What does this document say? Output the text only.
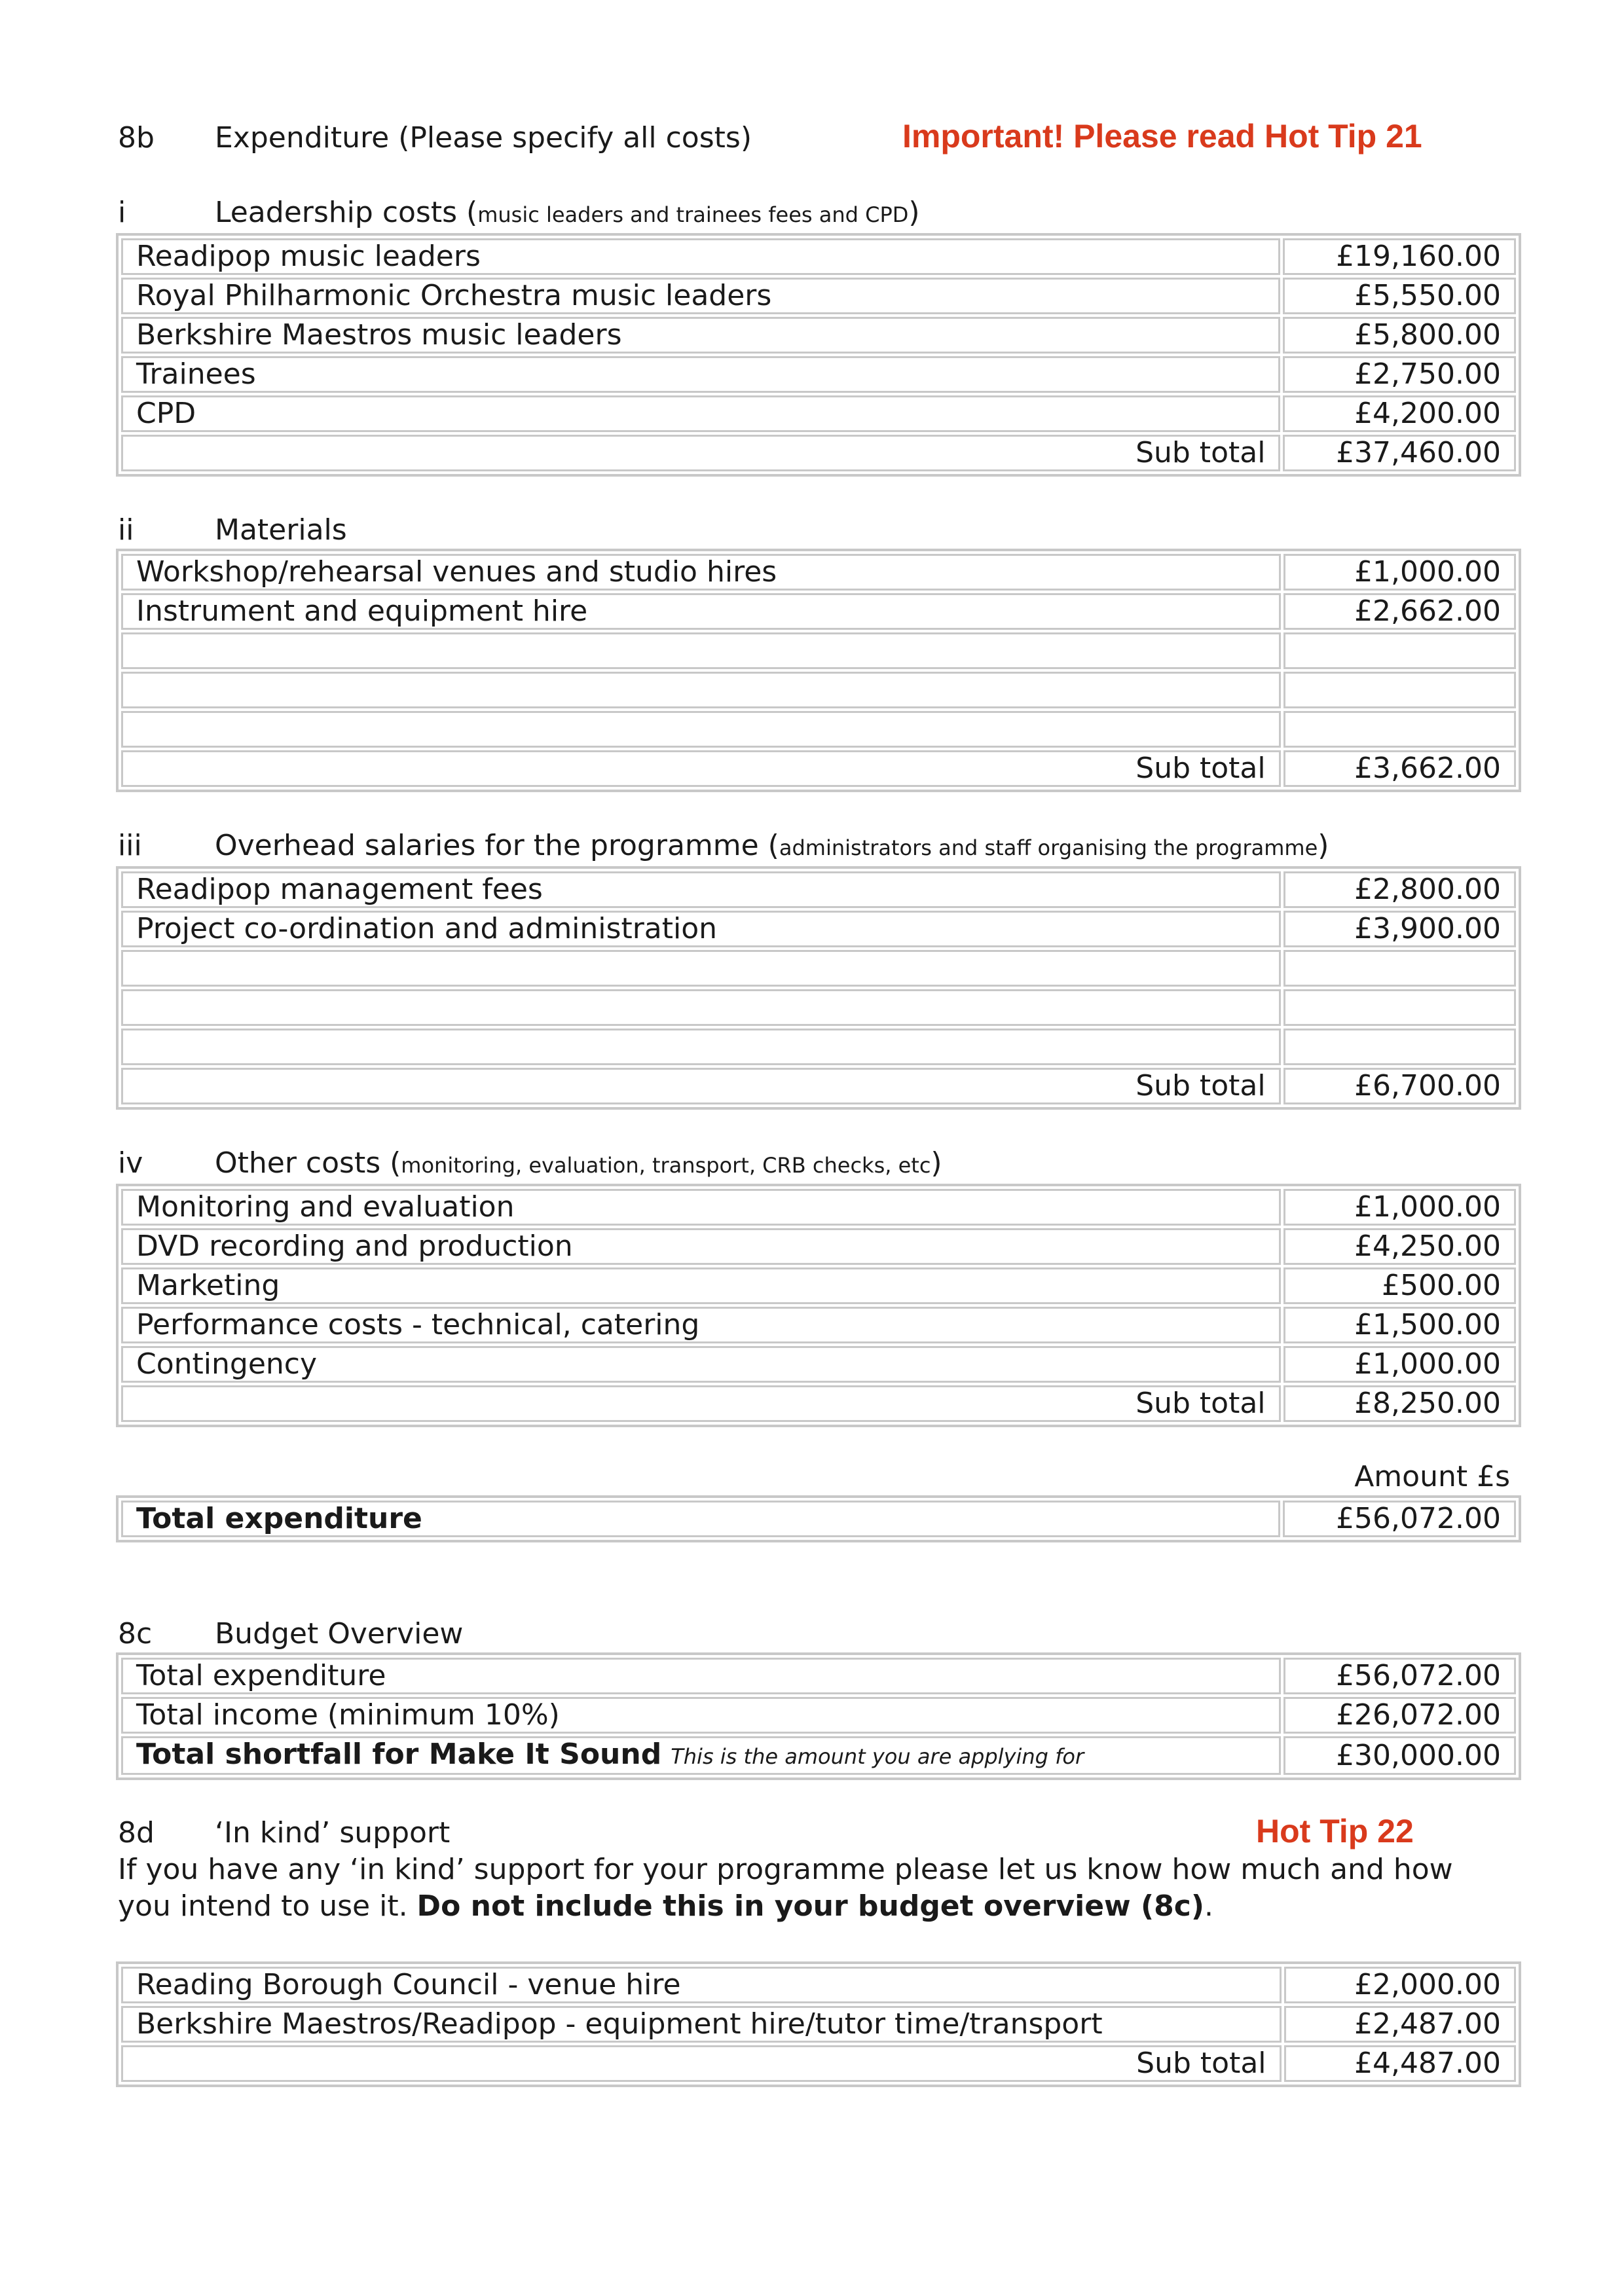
8b	Expenditure (Please specify all costs)	Important! Please read Hot Tip 21
i	Leadership costs (music leaders and trainees fees and CPD)
Readipop music leaders	£19,160.00
Royal Philharmonic Orchestra music leaders	£5,550.00
Berkshire Maestros music leaders	£5,800.00
Trainees	£2,750.00
CPD	£4,200.00
Sub total	£37,460.00
ii	Materials
Workshop/rehearsal venues and studio hires	£1,000.00
Instrument and equipment hire	£2,662.00

Sub total	£3,662.00
iii	Overhead salaries for the programme (administrators and staff organising the programme)
Readipop management fees	£2,800.00
Project co-ordination and administration	£3,900.00

Sub total	£6,700.00
iv	Other costs (monitoring, evaluation, transport, CRB checks, etc)
Monitoring and evaluation	£1,000.00
DVD recording and production	£4,250.00
Marketing	£500.00
Performance costs - technical, catering	£1,500.00
Contingency	£1,000.00
Sub total	£8,250.00
Amount £s
Total expenditure	£56,072.00
8c	Budget Overview
Total expenditure	£56,072.00
Total income (minimum 10%)	£26,072.00
Total shortfall for Make It Sound This is the amount you are applying for	£30,000.00
8d	‘In kind’ support	Hot Tip 22
If you have any ‘in kind’ support for your programme please let us know how much and how you intend to use it. Do not include this in your budget overview (8c).
Reading Borough Council - venue hire	£2,000.00
Berkshire Maestros/Readipop - equipment hire/tutor time/transport	£2,487.00
Sub total	£4,487.00
